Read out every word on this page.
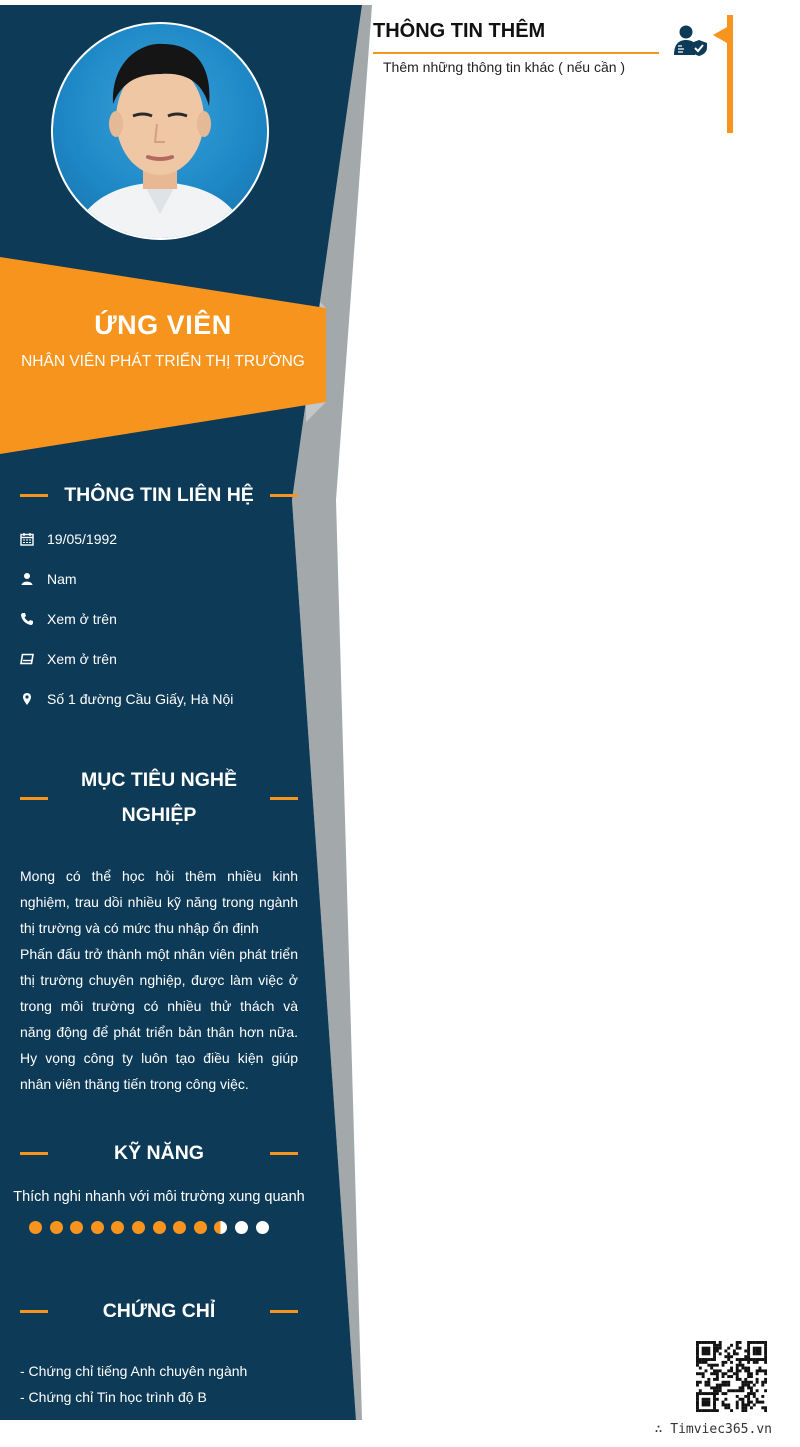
ỨNG VIÊN
NHÂN VIÊN PHÁT TRIỂN THỊ TRƯỜNG
THÔNG TIN LIÊN HỆ
19/05/1992
Nam
Xem ở trên
Xem ở trên
Số 1 đường Cầu Giấy, Hà Nội
MỤC TIÊU NGHỀ
NGHIỆP

Mong có thể học hỏi thêm nhiều kinh nghiệm, trau dồi nhiều kỹ năng trong ngành thị trường và có mức thu nhập ổn định

Phấn đấu trở thành một nhân viên phát triển thị trường chuyên nghiệp, được làm việc ở trong môi trường có nhiều thử thách và năng động để phát triển bản thân hơn nữa. Hy vọng công ty luôn tạo điều kiện giúp nhân viên thăng tiến trong công việc.

KỸ NĂNG
Thích nghi nhanh với môi trường xung quanh
CHỨNG CHỈ
- Chứng chỉ tiếng Anh chuyên ngành
- Chứng chỉ Tin học trình độ B
THÔNG TIN THÊM
Thêm những thông tin khác ( nếu cần )
∴ Timviec365.vn
